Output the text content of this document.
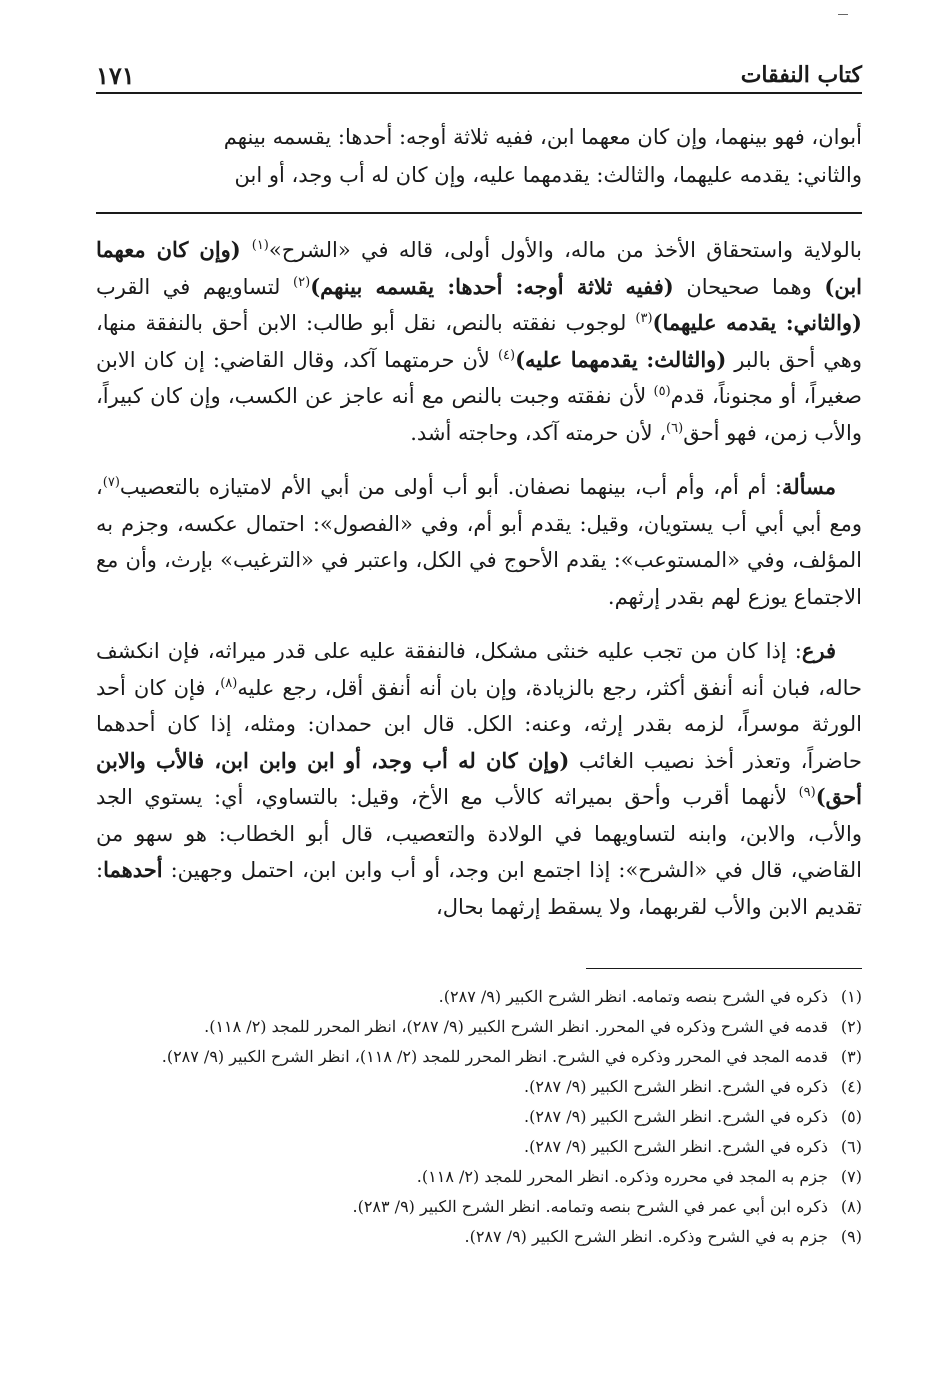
كتاب النفقات
١٧١
أبوان، فهو بينهما، وإن كان معهما ابن، ففيه ثلاثة أوجه: أحدها: يقسمه بينهم
والثاني: يقدمه عليهما، والثالث: يقدمهما عليه، وإن كان له أب وجد، أو ابن

بالولاية واستحقاق الأخذ من ماله، والأول أولى، قاله في «الشرح»$^{(١)}$ (وإن كان معهما ابن) وهما صحيحان (ففيه ثلاثة أوجه: أحدها: يقسمه بينهم)$^{(٢)}$ لتساويهم في القرب (والثاني: يقدمه عليهما)$^{(٣)}$ لوجوب نفقته بالنص، نقل أبو طالب: الابن أحق بالنفقة منها، وهي أحق بالبر (والثالث: يقدمهما عليه)$^{(٤)}$ لأن حرمتهما آكد، وقال القاضي: إن كان الابن صغيراً، أو مجنوناً، قدم$^{(٥)}$ لأن نفقته وجبت بالنص مع أنه عاجز عن الكسب، وإن كان كبيراً، والأب زمن، فهو أحق$^{(٦)}$، لأن حرمته آكد، وحاجته أشد.

مسألة: أم أم، وأم أب، بينهما نصفان. أبو أب أولى من أبي الأم لامتيازه بالتعصيب$^{(٧)}$، ومع أبي أبي أب يستويان، وقيل: يقدم أبو أم، وفي «الفصول»: احتمال عكسه، وجزم به المؤلف، وفي «المستوعب»: يقدم الأحوج في الكل، واعتبر في «الترغيب» بإرث، وأن مع الاجتماع يوزع لهم بقدر إرثهم.

فرع: إذا كان من تجب عليه خنثى مشكل، فالنفقة عليه على قدر ميراثه، فإن انكشف حاله، فبان أنه أنفق أكثر، رجع بالزيادة، وإن بان أنه أنفق أقل، رجع عليه$^{(٨)}$، فإن كان أحد الورثة موسراً، لزمه بقدر إرثه، وعنه: الكل. قال ابن حمدان: ومثله، إذا كان أحدهما حاضراً، وتعذر أخذ نصيب الغائب (وإن كان له أب وجد، أو ابن وابن ابن، فالأب والابن أحق)$^{(٩)}$ لأنهما أقرب وأحق بميراثه كالأب مع الأخ، وقيل: بالتساوي، أي: يستوي الجد والأب، والابن، وابنه لتساويهما في الولادة والتعصيب، قال أبو الخطاب: هو سهو من القاضي، قال في «الشرح»: إذا اجتمع ابن وجد، أو أب وابن ابن، احتمل وجهين: أحدهما: تقديم الابن والأب لقربهما، ولا يسقط إرثهما بحال،

(١)
ذكره في الشرح بنصه وتمامه. انظر الشرح الكبير (٩/ ٢٨٧).
(٢)
قدمه في الشرح وذكره في المحرر. انظر الشرح الكبير (٩/ ٢٨٧)، انظر المحرر للمجد (٢/ ١١٨).
(٣)
قدمه المجد في المحرر وذكره في الشرح. انظر المحرر للمجد (٢/ ١١٨)، انظر الشرح الكبير (٩/ ٢٨٧).
(٤)
ذكره في الشرح. انظر الشرح الكبير (٩/ ٢٨٧).
(٥)
ذكره في الشرح. انظر الشرح الكبير (٩/ ٢٨٧).
(٦)
ذكره في الشرح. انظر الشرح الكبير (٩/ ٢٨٧).
(٧)
جزم به المجد في محرره وذكره. انظر المحرر للمجد (٢/ ١١٨).
(٨)
ذكره ابن أبي عمر في الشرح بنصه وتمامه. انظر الشرح الكبير (٩/ ٢٨٣).
(٩)
جزم به في الشرح وذكره. انظر الشرح الكبير (٩/ ٢٨٧).
